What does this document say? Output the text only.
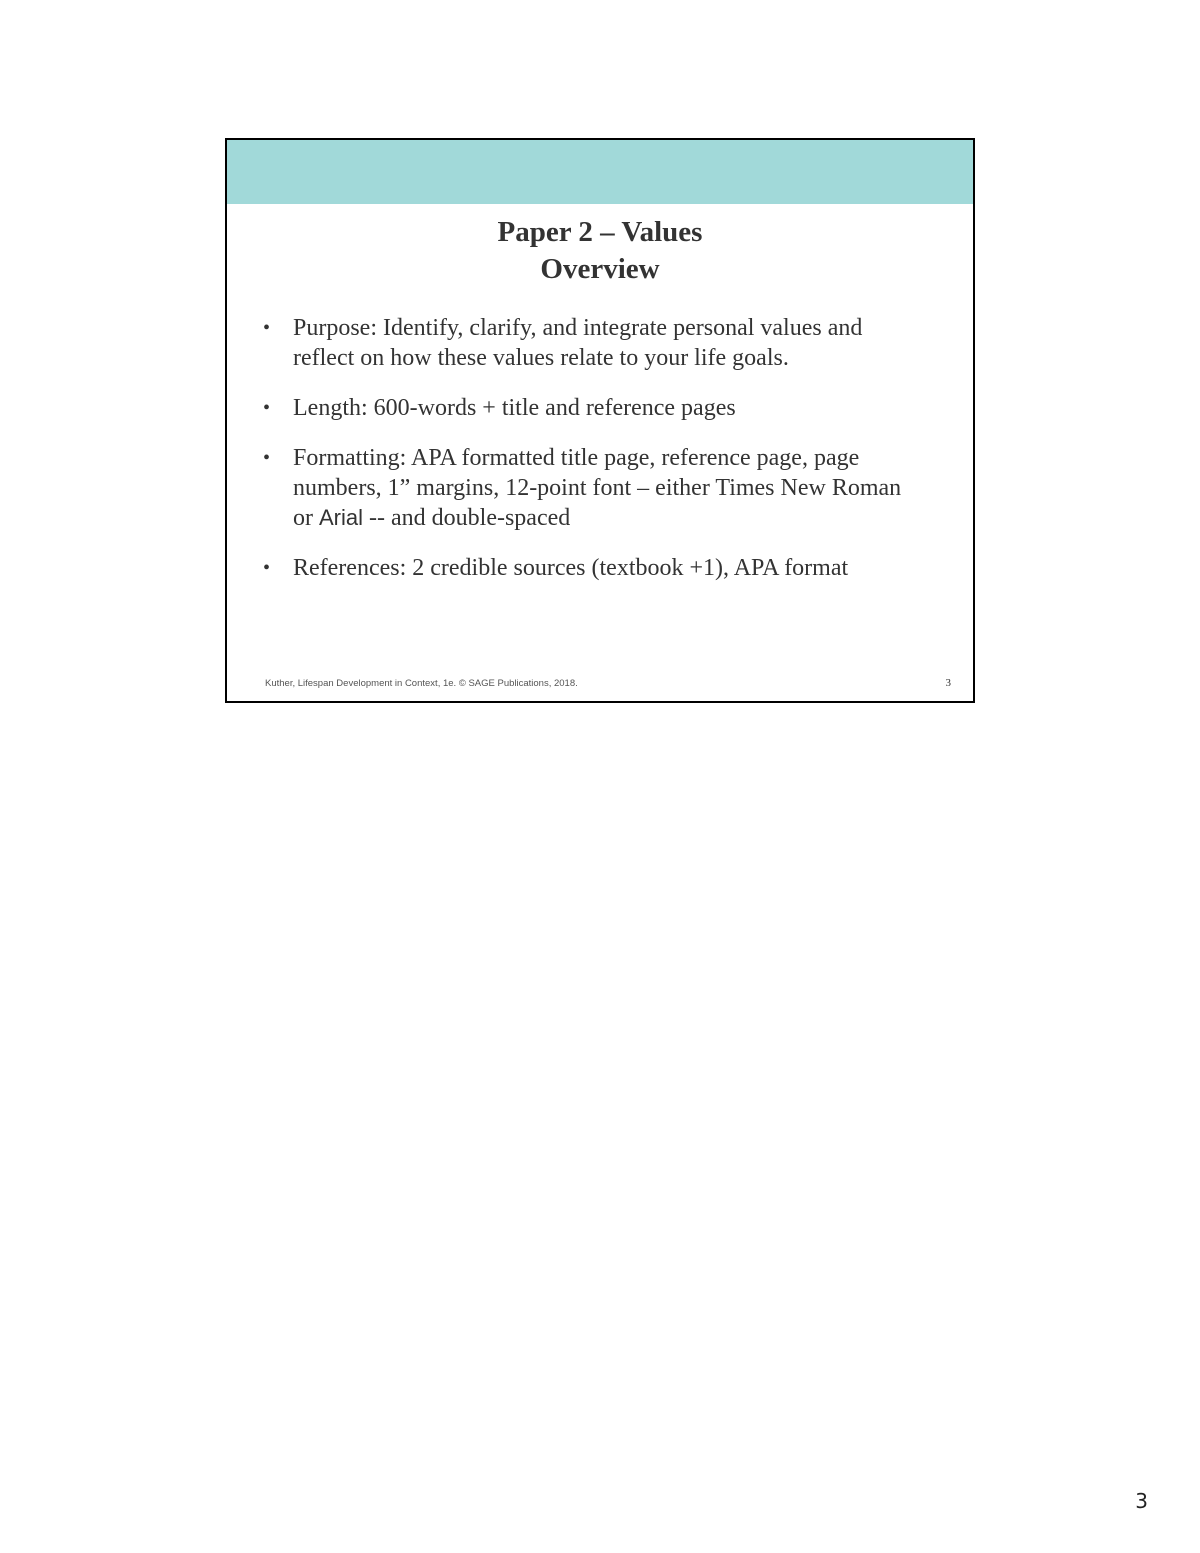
Paper 2 – Values
Overview
• Purpose: Identify, clarify, and integrate personal values and reflect on how these values relate to your life goals.
• Length: 600-words + title and reference pages
• Formatting: APA formatted title page, reference page, page numbers, 1” margins, 12-point font – either Times New Roman or Arial -- and double-spaced
• References: 2 credible sources (textbook +1), APA format
Kuther, Lifespan Development in Context, 1e. © SAGE Publications, 2018.	3
3
